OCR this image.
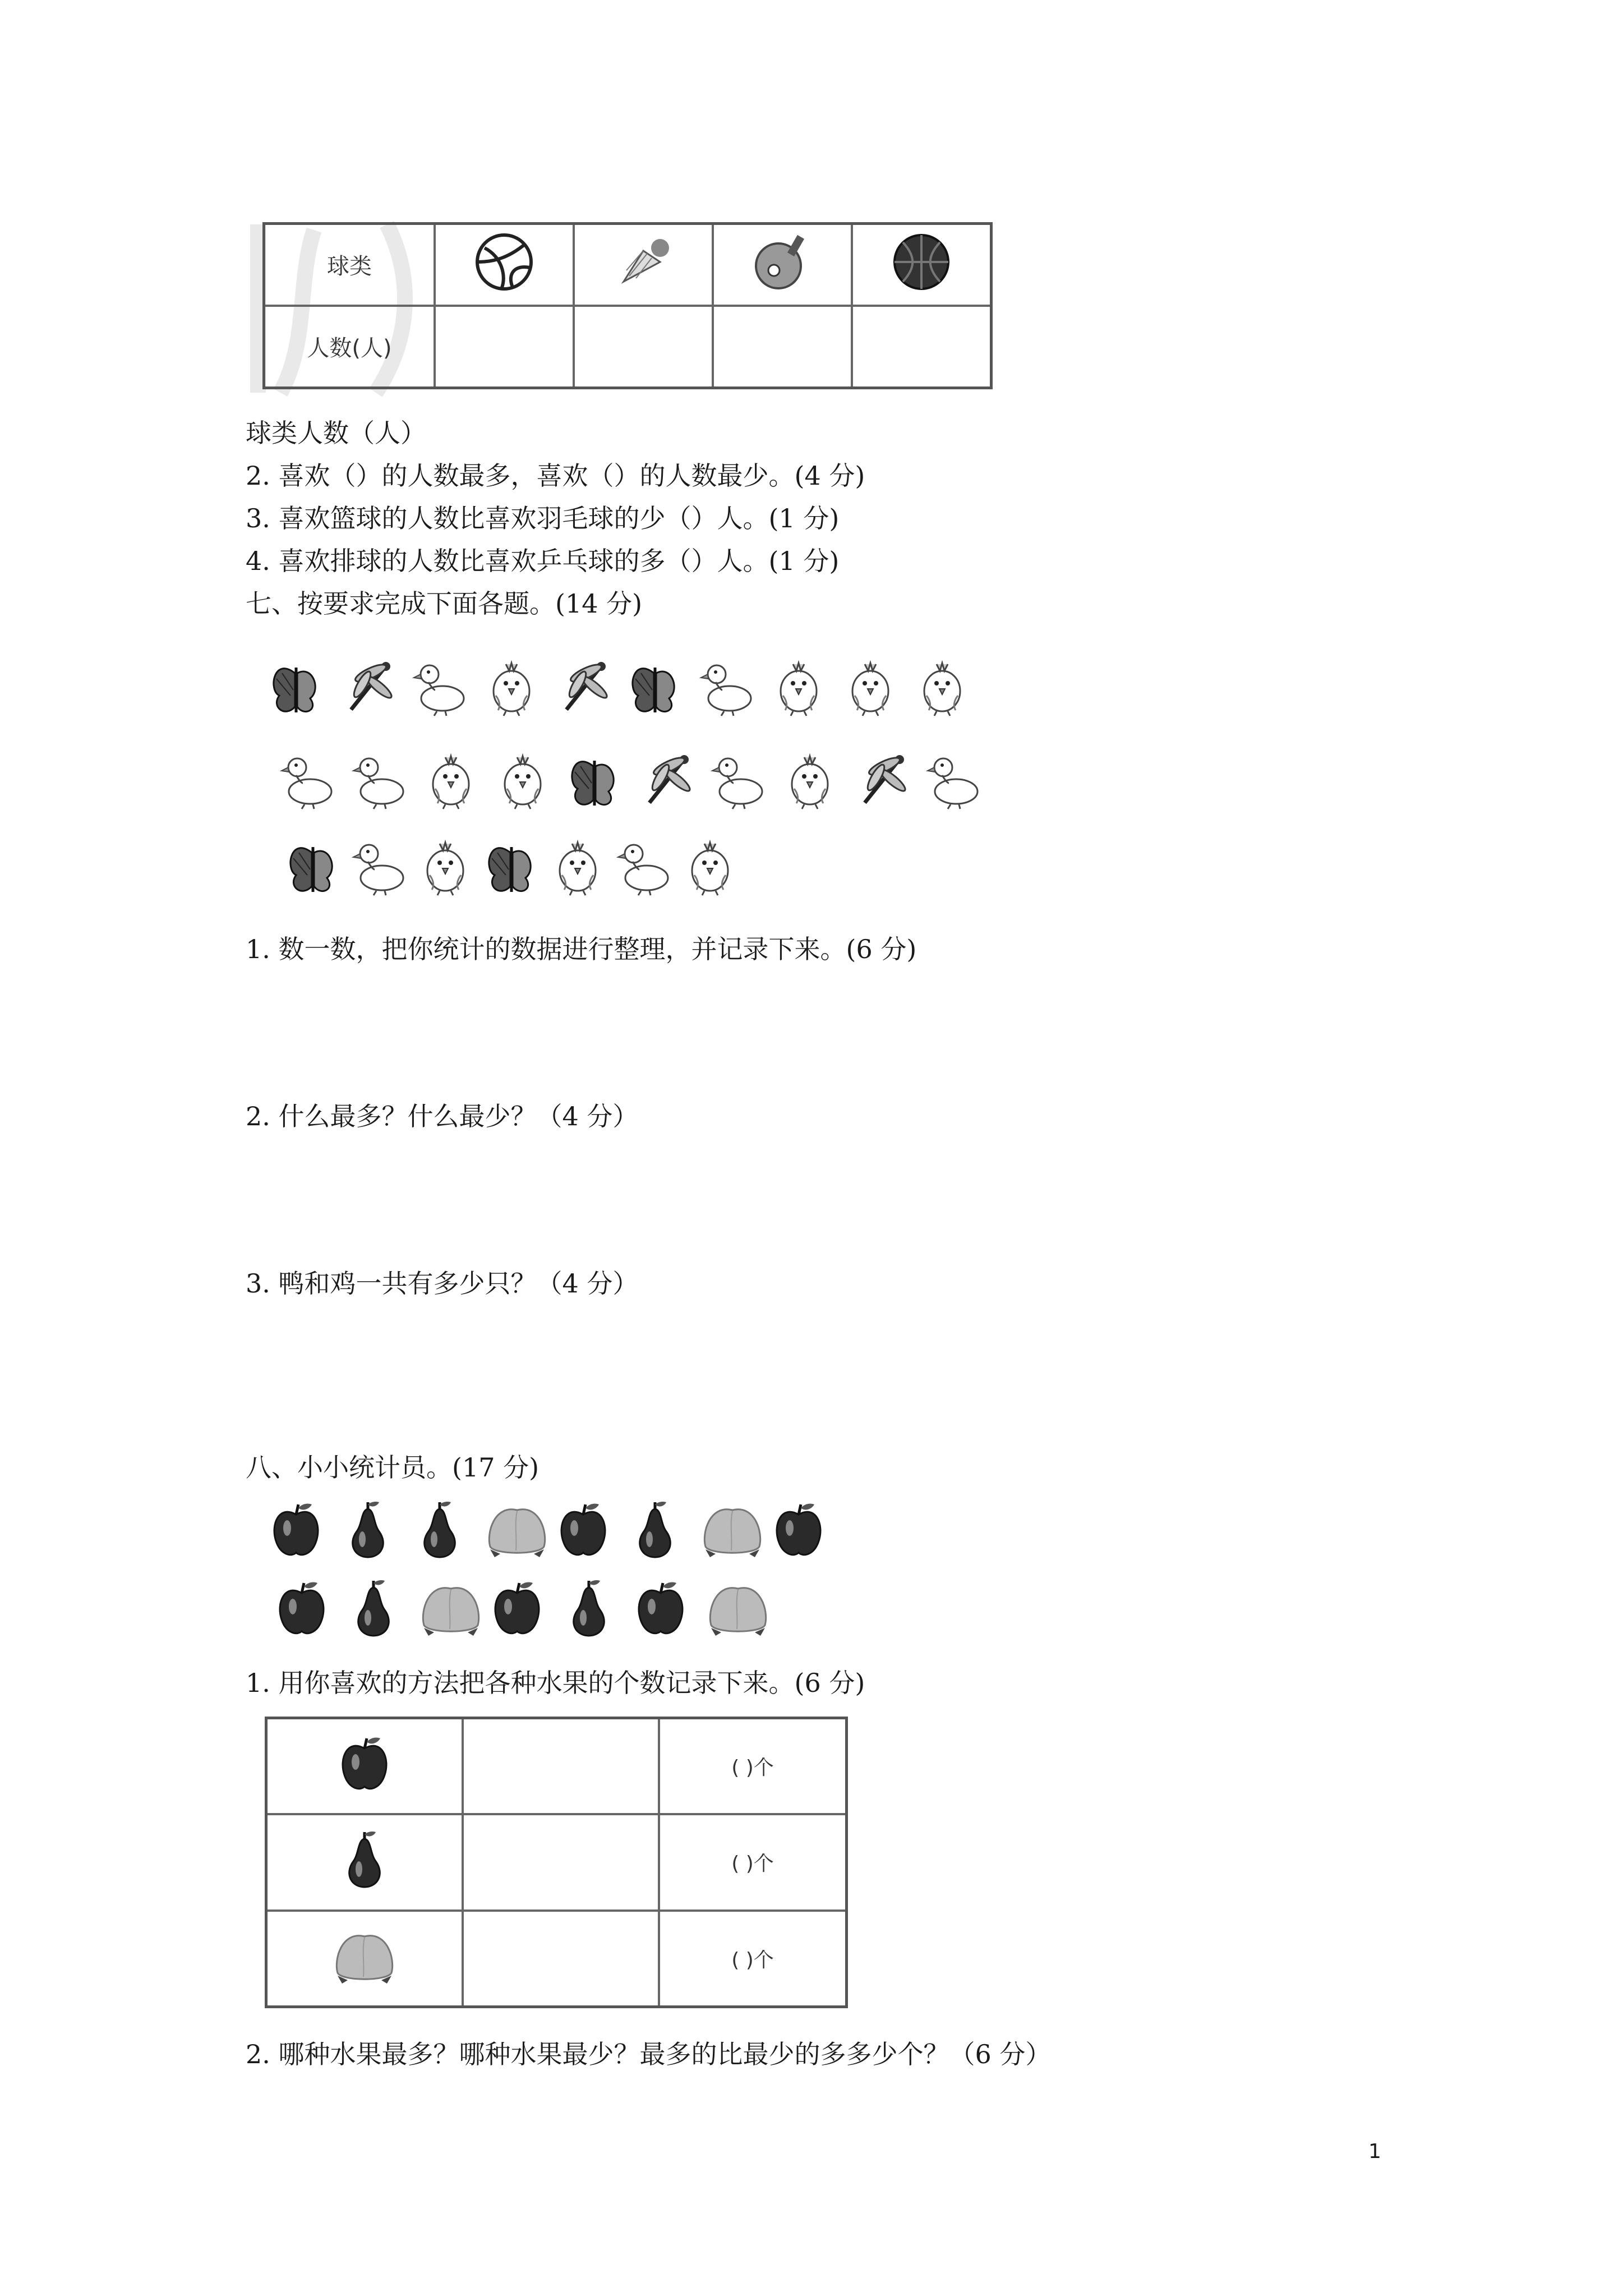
球类				
人数(人)				
球类人数（人）
2. 喜欢（）的人数最多，喜欢（）的人数最少。(4 分)
3. 喜欢篮球的人数比喜欢羽毛球的少（）人。(1 分)
4. 喜欢排球的人数比喜欢乒乓球的多（）人。(1 分)
七、按要求完成下面各题。(14 分)
1. 数一数，把你统计的数据进行整理，并记录下来。(6 分)
2. 什么最多？什么最少？（4 分）
3. 鸭和鸡一共有多少只？（4 分）
八、小小统计员。(17 分)
1. 用你喜欢的方法把各种水果的个数记录下来。(6 分)
		( )个
		( )个
		( )个
2. 哪种水果最多？哪种水果最少？最多的比最少的多多少个？（6 分）
1
